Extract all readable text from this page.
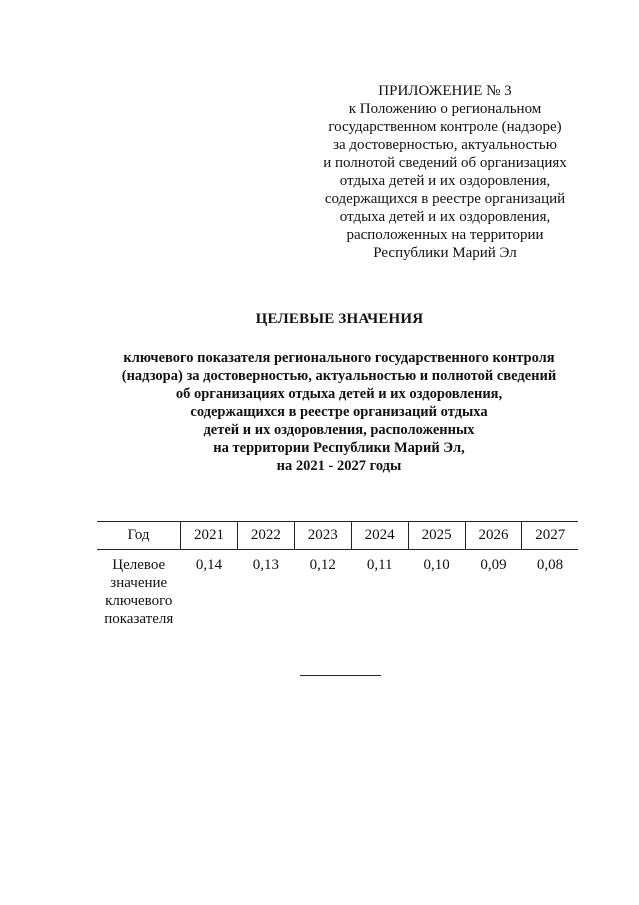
ПРИЛОЖЕНИЕ № 3
к Положению о региональном
государственном контроле (надзоре)
за достоверностью, актуальностью
и полнотой сведений об организациях
отдыха детей и их оздоровления,
содержащихся в реестре организаций
отдыха детей и их оздоровления,
расположенных на территории
Республики Марий Эл
ЦЕЛЕВЫЕ ЗНАЧЕНИЯ
ключевого показателя регионального государственного контроля
(надзора) за достоверностью, актуальностью и полнотой сведений
об организациях отдыха детей и их оздоровления,
содержащихся в реестре организаций отдыха
детей и их оздоровления, расположенных
на территории Республики Марий Эл,
на 2021 - 2027 годы
Год	2021	2022	2023	2024	2025	2026	2027

Целевое
значение
ключевого
показателя	0,14	0,13	0,12	0,11	0,10	0,09	0,08
